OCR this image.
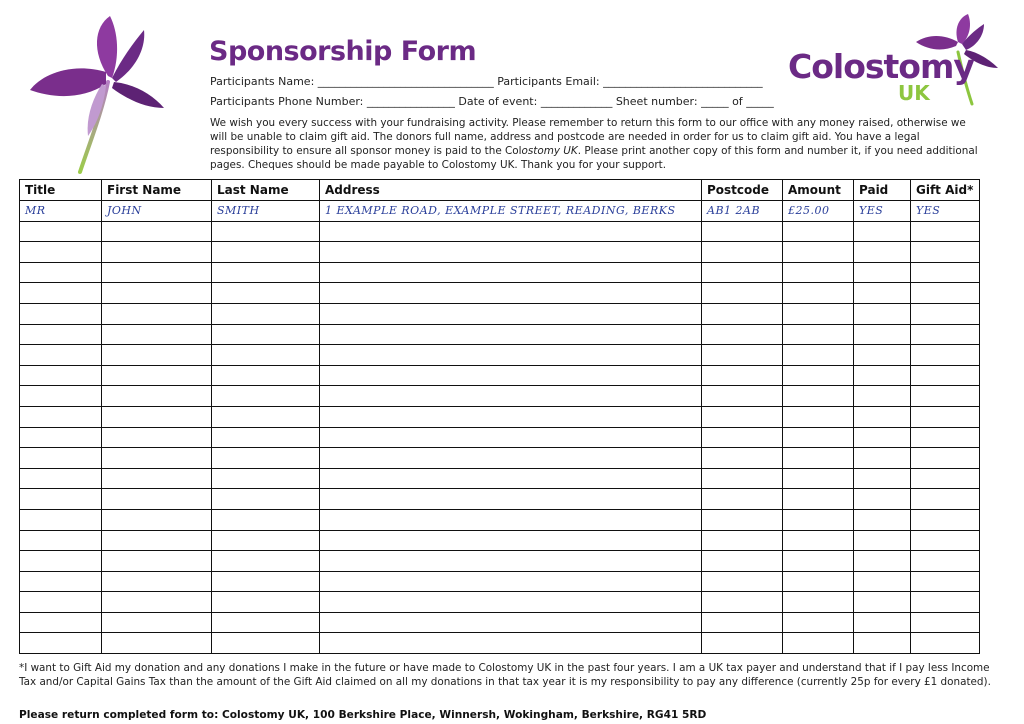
Sponsorship Form	Colostomy
UK
Participants Name: ________________________________ Participants Email: _____________________________
Participants Phone Number: ________________ Date of event: _____________ Sheet number: _____ of _____
We wish you every success with your fundraising activity. Please remember to return this form to our office with any money raised, otherwise we will be unable to claim gift aid. The donors full name, address and postcode are needed in order for us to claim gift aid. You have a legal responsibility to ensure all sponsor money is paid to the Colostomy UK. Please print another copy of this form and number it, if you need additional pages. Cheques should be made payable to Colostomy UK. Thank you for your support.
Title	First Name	Last Name	Address	Postcode	Amount	Paid	Gift Aid*
MR	JOHN	SMITH	1 EXAMPLE ROAD, EXAMPLE STREET, READING, BERKS	AB1 2AB	£25.00	YES	YES

*I want to Gift Aid my donation and any donations I make in the future or have made to Colostomy UK in the past four years. I am a UK tax payer and understand that if I pay less Income Tax and/or Capital Gains Tax than the amount of the Gift Aid claimed on all my donations in that tax year it is my responsibility to pay any difference (currently 25p for every £1 donated).
Please return completed form to: Colostomy UK, 100 Berkshire Place, Winnersh, Wokingham, Berkshire, RG41 5RD
